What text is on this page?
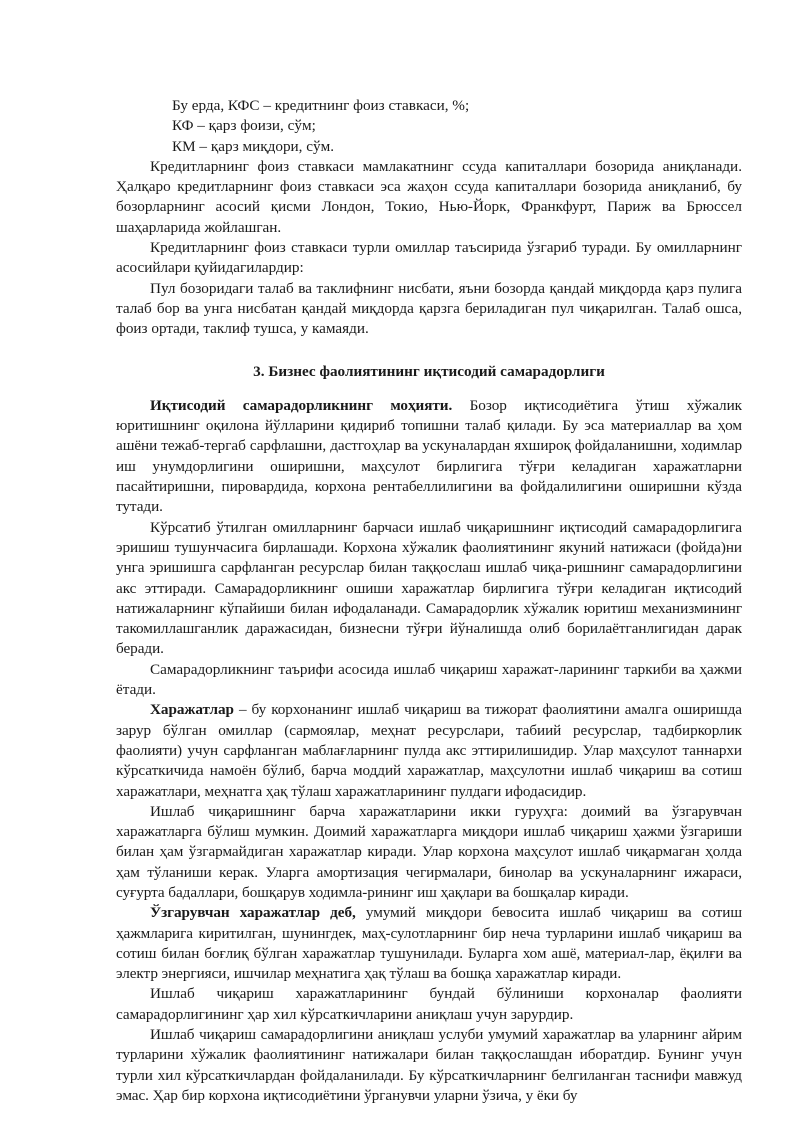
Бу ерда, КФС – кредитнинг фоиз ставкаси, %;

КФ – қарз фоизи, сўм;

КМ – қарз миқдори, сўм.

Кредитларнинг фоиз ставкаси мамлакатнинг ссуда капиталлари бозорида аниқланади. Ҳалқаро кредитларнинг фоиз ставкаси эса жаҳон ссуда капиталлари бозорида аниқланиб, бу бозорларнинг асосий қисми Лондон, Токио, Нью-Йорк, Франкфурт, Париж ва Брюссел шаҳарларида жойлашган.

Кредитларнинг фоиз ставкаси турли омиллар таъсирида ўзгариб туради. Бу омилларнинг асосийлари қуйидагилардир:

Пул бозоридаги талаб ва таклифнинг нисбати, яъни бозорда қандай миқдорда қарз пулига талаб бор ва унга нисбатан қандай миқдорда қарзга бериладиган пул чиқарилган. Талаб ошса, фоиз ортади, таклиф тушса, у камаяди.

3. Бизнес фаолиятининг иқтисодий самарадорлиги

Иқтисодий самарадорликнинг моҳияти. Бозор иқтисодиётига ўтиш хўжалик юритишнинг оқилона йўлларини қидириб топишни талаб қилади. Бу эса материаллар ва ҳом ашёни тежаб-тергаб сарфлашни, дастгоҳлар ва ускуналардан яхшироқ фойдаланишни, ходимлар иш унумдорлигини оширишни, маҳсулот бирлигига тўғри келадиган харажатларни пасайтиришни, пировардида, корхона рентабеллилигини ва фойдалилигини оширишни кўзда тутади.

Кўрсатиб ўтилган омилларнинг барчаси ишлаб чиқаришнинг иқтисодий самарадорлигига эришиш тушунчасига бирлашади. Корхона хўжалик фаолиятининг якуний натижаси (фойда)ни унга эришишга сарфланган ресурслар билан таққослаш ишлаб чиқа-ришнинг самарадорлигини акс эттиради. Самарадорликнинг ошиши харажатлар бирлигига тўғри келадиган иқтисодий натижаларнинг кўпайиши билан ифодаланади. Самарадорлик хўжалик юритиш механизмининг такомиллашганлик даражасидан, бизнесни тўғри йўналишда олиб борилаётганлигидан дарак беради.

Самарадорликнинг таърифи асосида ишлаб чиқариш харажат-ларининг таркиби ва ҳажми ётади.

Харажатлар – бу корхонанинг ишлаб чиқариш ва тижорат фаолиятини амалга оширишда зарур бўлган омиллар (сармоялар, меҳнат ресурслари, табиий ресурслар, тадбиркорлик фаолияти) учун сарфланган маблағларнинг пулда акс эттирилишидир. Улар маҳсулот таннархи кўрсаткичида намоён бўлиб, барча моддий харажатлар, маҳсулотни ишлаб чиқариш ва сотиш харажатлари, меҳнатга ҳақ тўлаш харажатларининг пулдаги ифодасидир.

Ишлаб чиқаришнинг барча харажатларини икки гуруҳга: доимий ва ўзгарувчан харажатларга бўлиш мумкин. Доимий харажатларга миқдори ишлаб чиқариш ҳажми ўзгариши билан ҳам ўзгармайдиган харажатлар киради. Улар корхона маҳсулот ишлаб чиқармаган ҳолда ҳам тўланиши керак. Уларга амортизация чегирмалари, бинолар ва ускуналарнинг ижараси, суғурта бадаллари, бошқарув ходимла-рининг иш ҳақлари ва бошқалар киради.

Ўзгарувчан харажатлар деб, умумий миқдори бевосита ишлаб чиқариш ва сотиш ҳажмларига киритилган, шунингдек, маҳ-сулотларнинг бир неча турларини ишлаб чиқариш ва сотиш билан боғлиқ бўлган харажатлар тушунилади. Буларга хом ашё, материал-лар, ёқилғи ва электр энергияси, ишчилар меҳнатига ҳақ тўлаш ва бошқа харажатлар киради.

Ишлаб чиқариш харажатларининг бундай бўлиниши корхоналар фаолияти самарадорлигининг ҳар хил кўрсаткичларини аниқлаш учун зарурдир.

Ишлаб чиқариш самарадорлигини аниқлаш услуби умумий харажатлар ва уларнинг айрим турларини хўжалик фаолиятининг натижалари билан таққослашдан иборатдир. Бунинг учун турли хил кўрсаткичлардан фойдаланилади. Бу кўрсаткичларнинг белгиланган таснифи мавжуд эмас. Ҳар бир корхона иқтисодиётини ўрганувчи уларни ўзича, у ёки бу
